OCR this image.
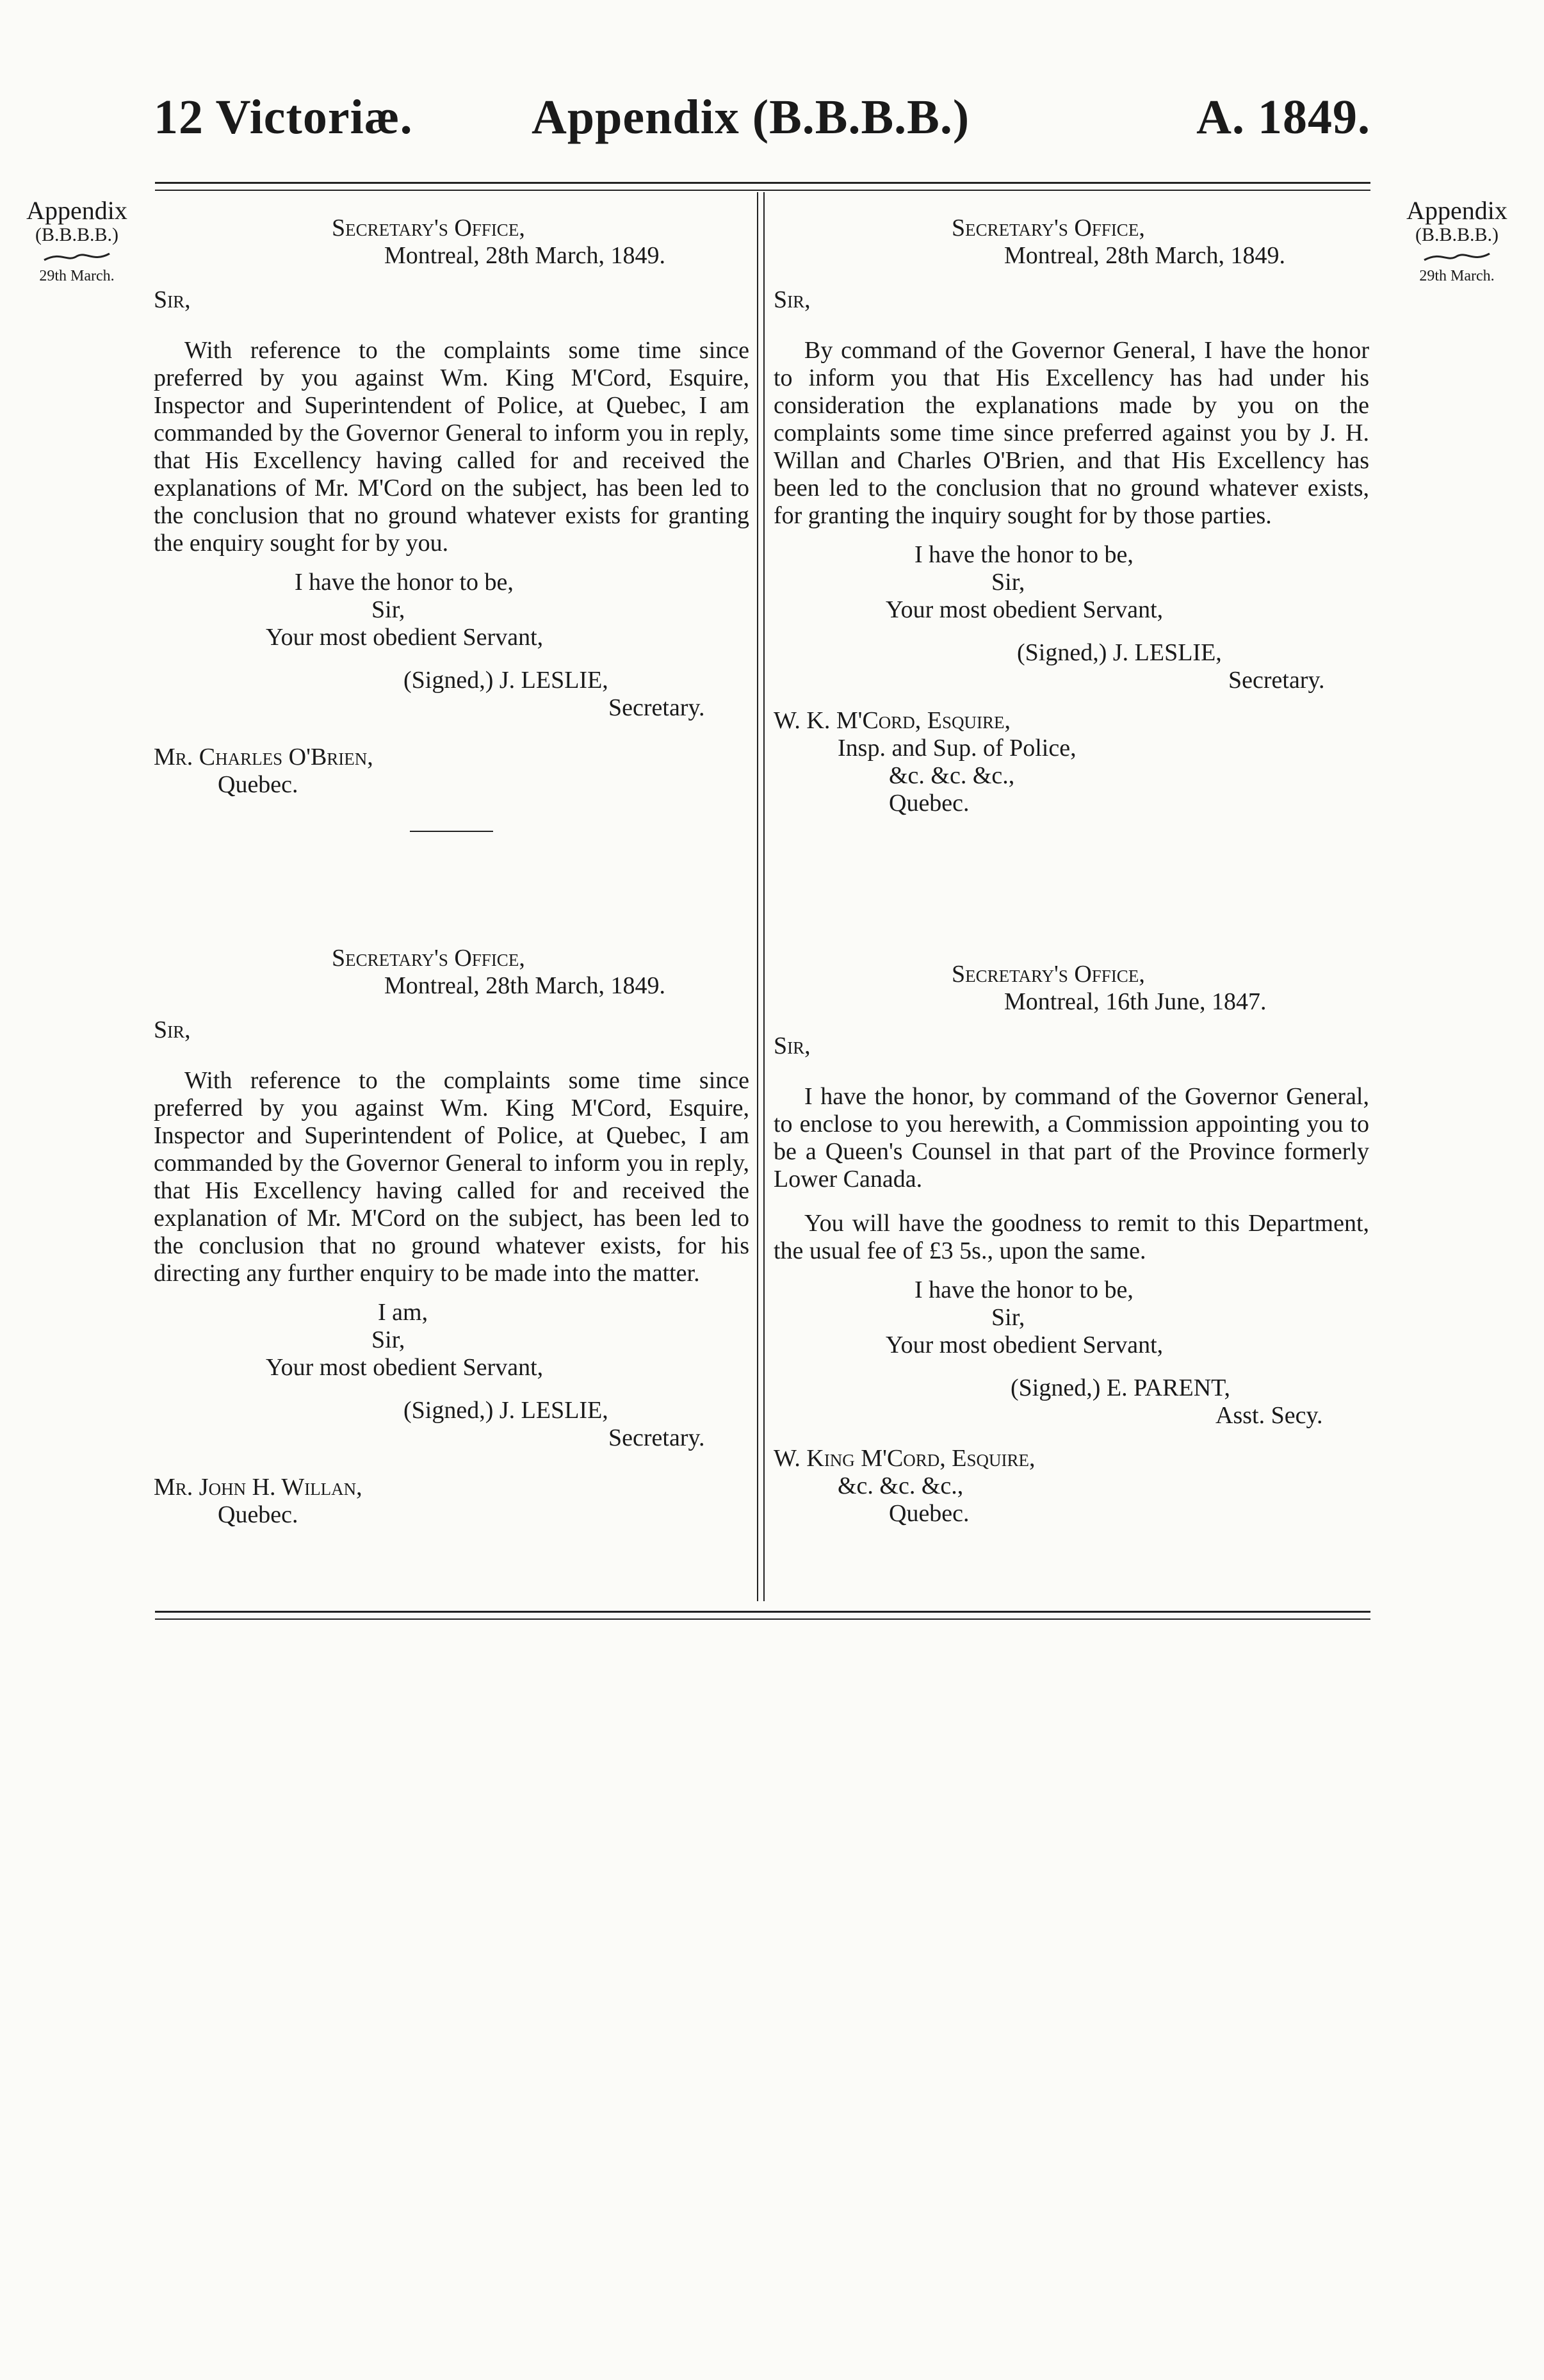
12 Victoriæ. Appendix (B.B.B.B.)	A. 1849.
Appendix
(B.B.B.B.)
29th March.
Appendix
(B.B.B.B.)
29th March.
Secretary's Office,
Montreal, 28th March, 1849.
Sir,
With reference to the complaints some time since preferred by you against Wm. King M'Cord, Esquire, Inspector and Superintendent of Police, at Quebec, I am commanded by the Governor General to inform you in reply, that His Excellency having called for and received the explanations of Mr. M'Cord on the subject, has been led to the conclusion that no ground whatever exists for granting the enquiry sought for by you.
I have the honor to be,
Sir,
Your most obedient Servant,
(Signed,) J. LESLIE,
Secretary.
Mr. Charles O'Brien,
Quebec.
Secretary's Office,
Montreal, 28th March, 1849.
Sir,
With reference to the complaints some time since preferred by you against Wm. King M'Cord, Esquire, Inspector and Superintendent of Police, at Quebec, I am commanded by the Governor General to inform you in reply, that His Excellency having called for and received the explanation of Mr. M'Cord on the subject, has been led to the conclusion that no ground whatever exists, for his directing any further enquiry to be made into the matter.
I am,
Sir,
Your most obedient Servant,
(Signed,) J. LESLIE,
Secretary.
Mr. John H. Willan,
Quebec.
Secretary's Office,
Montreal, 28th March, 1849.
Sir,
By command of the Governor General, I have the honor to inform you that His Excellency has had under his consideration the explanations made by you on the complaints some time since preferred against you by J. H. Willan and Charles O'Brien, and that His Excellency has been led to the conclusion that no ground whatever exists, for granting the inquiry sought for by those parties.
I have the honor to be,
Sir,
Your most obedient Servant,
(Signed,) J. LESLIE,
Secretary.
W. K. M'Cord, Esquire,
Insp. and Sup. of Police,
&c. &c. &c.,
Quebec.
Secretary's Office,
Montreal, 16th June, 1847.
Sir,
I have the honor, by command of the Governor General, to enclose to you herewith, a Commission appointing you to be a Queen's Counsel in that part of the Province formerly Lower Canada.
You will have the goodness to remit to this Department, the usual fee of £3 5s., upon the same.
I have the honor to be,
Sir,
Your most obedient Servant,
(Signed,) E. PARENT,
Asst. Secy.
W. King M'Cord, Esquire,
&c. &c. &c.,
Quebec.
